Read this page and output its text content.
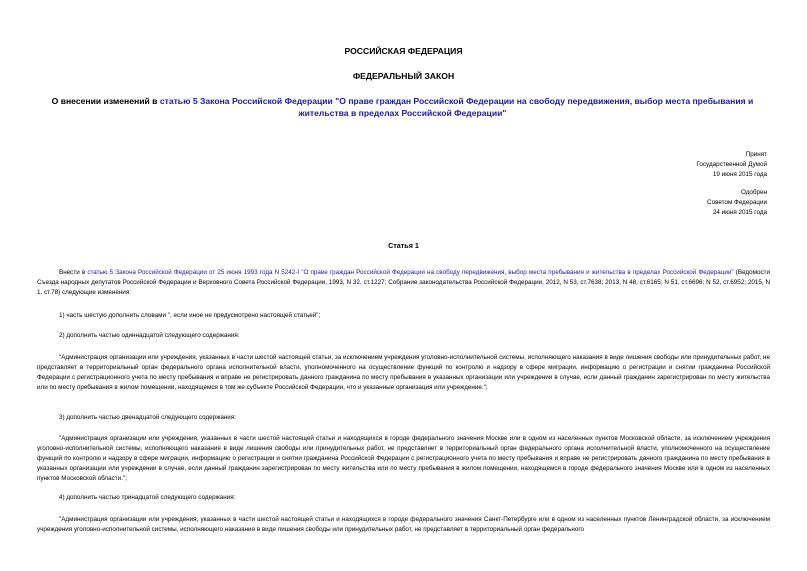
РОССИЙСКАЯ ФЕДЕРАЦИЯ
ФЕДЕРАЛЬНЫЙ ЗАКОН
О внесении изменений в статью 5 Закона Российской Федерации "О праве граждан Российской Федерации на свободу передвижения, выбор места пребывания и жительства в пределах Российской Федерации"
Принят
Государственной Думой
19 июня 2015 года
Одобрен
Советом Федерации
24 июня 2015 года
Статья 1
Внести в статью 5 Закона Российской Федерации от 25 июня 1993 года N 5242-I "О праве граждан Российской Федерации на свободу передвижения, выбор места пребывания и жительства в пределах Российской Федерации" (Ведомости Съезда народных депутатов Российской Федерации и Верховного Совета Российской Федерации, 1993, N 32, ст.1227; Собрание законодательства Российской Федерации, 2012, N 53, ст.7638; 2013, N 48, ст.6165; N 51, ст.6696; N 52, ст.6952; 2015, N 1, ст.78) следующие изменения:
1) часть шестую дополнить словами ", если иное не предусмотрено настоящей статьей";
2) дополнить частью одиннадцатой следующего содержания:
"Администрация организации или учреждения, указанных в части шестой настоящей статьи, за исключением учреждения уголовно-исполнительной системы, исполняющего наказания в виде лишения свободы или принудительных работ, не представляет в территориальный орган федерального органа исполнительной власти, уполномоченного на осуществление функций по контролю и надзору в сфере миграции, информацию о регистрации и снятии гражданина Российской Федерации с регистрационного учета по месту пребывания и вправе не регистрировать данного гражданина по месту пребывания в указанных организации или учреждении в случае, если данный гражданин зарегистрирован по месту жительства или по месту пребывания в жилом помещении, находящемся в том же субъекте Российской Федерации, что и указанные организация или учреждение.";
3) дополнить частью двенадцатой следующего содержания:
"Администрация организации или учреждения, указанных в части шестой настоящей статьи и находящихся в городе федерального значения Москве или в одном из населенных пунктов Московской области, за исключением учреждения уголовно-исполнительной системы, исполняющего наказания в виде лишения свободы или принудительных работ, не представляет в территориальный орган федерального органа исполнительной власти, уполномоченного на осуществление функций по контролю и надзору в сфере миграции, информацию о регистрации и снятии гражданина Российской Федерации с регистрационного учета по месту пребывания и вправе не регистрировать данного гражданина по месту пребывания в указанных организации или учреждении в случае, если данный гражданин зарегистрирован по месту жительства или по месту пребывания в жилом помещении, находящемся в городе федерального значения Москве или в одном из населенных пунктов Московской области.";
4) дополнить частью тринадцатой следующего содержания:
"Администрация организации или учреждения, указанных в части шестой настоящей статьи и находящихся в городе федерального значения Санкт-Петербурге или в одном из населенных пунктов Ленинградской области, за исключением учреждения уголовно-исполнительной системы, исполняющего наказания в виде лишения свободы или принудительных работ, не представляет в территориальный орган федерального
